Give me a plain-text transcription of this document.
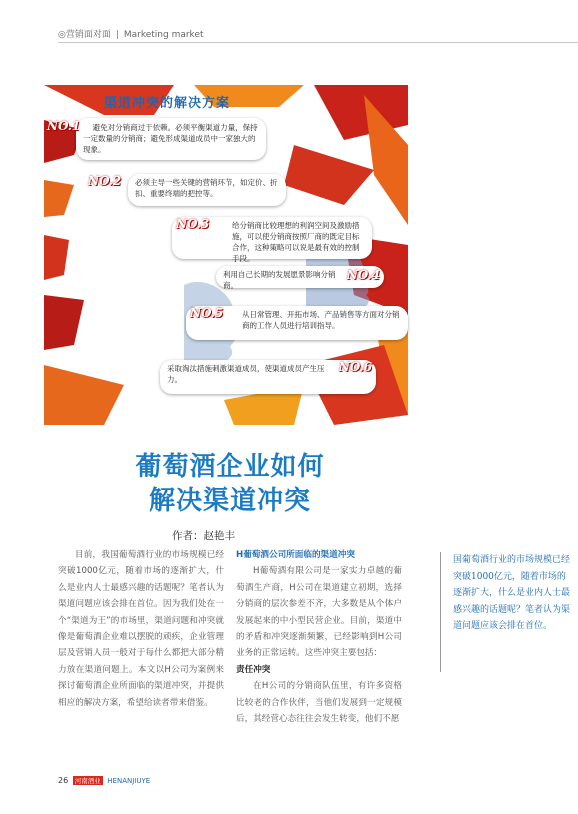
◎营销面对面 Marketing market
渠道冲突的解决方案
NO.1 避免对分销商过于依赖。必须平衡渠道力量，保持一定数量的分销商；避免形成渠道成员中一家独大的现象。
NO.2 必须主导一些关键的营销环节，如定价、折扣、重要终端的把控等。
NO.3	给分销商比较理想的利润空间及激励措施，可以使分销商按照厂商的既定目标合作，这种策略可以说是最有效的控制手段。
利用自己长期的发展愿景影响分销商。
NO.4
NO.5	从日常管理、开拓市场、产品销售等方面对分销商的工作人员进行培训指导。
采取淘汰措施刺激渠道成员，使渠道成员产生压力。
NO.6
葡萄酒企业如何
解决渠道冲突
作者：赵艳丰

目前，我国葡萄酒行业的市场规模已经突破1000亿元，随着市场的逐渐扩大，什么是业内人士最感兴趣的话题呢？笔者认为渠道问题应该会排在首位。因为我们处在一个“渠道为王”的市场里，渠道问题和冲突就像是葡萄酒企业难以摆脱的顽疾，企业管理层及营销人员一般对于每什么都把大部分精力放在渠道问题上。本文以H公司为案例来探讨葡萄酒企业所面临的渠道冲突，并提供相应的解决方案，希望给读者带来借鉴。

H葡萄酒公司所面临的渠道冲突

H葡萄酒有限公司是一家实力卓越的葡萄酒生产商，H公司在渠道建立初期，选择分销商的层次参差不齐，大多数是从个体户发展起来的中小型民营企业。目前，渠道中的矛盾和冲突逐渐频繁，已经影响到H公司业务的正常运转。这些冲突主要包括：

责任冲突

在H公司的分销商队伍里，有许多资格比较老的合作伙伴，当他们发展到一定规模后，其经营心态往往会发生转变，他们不愿

国葡萄酒行业的市场规模已经突破1000亿元，随着市场的逐渐扩大，什么是业内人士最感兴趣的话题呢？笔者认为渠道问题应该会排在首位。
26 河南酒业 HENANJIUYE
